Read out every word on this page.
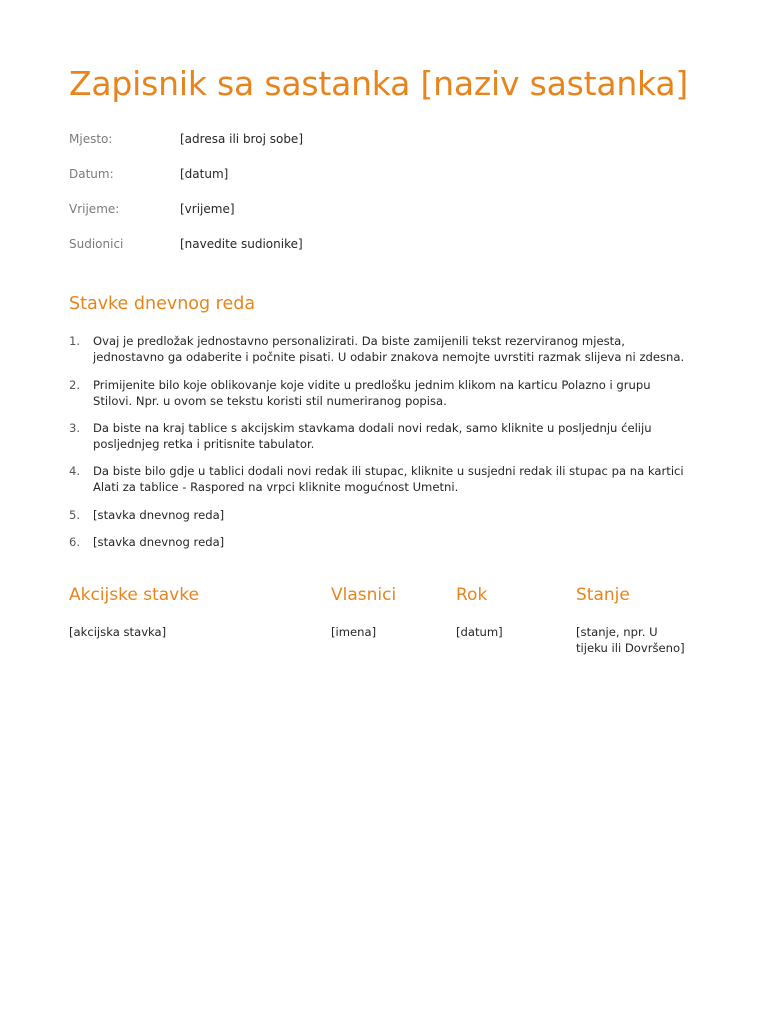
Zapisnik sa sastanka [naziv sastanka]
Mjesto:	[adresa ili broj sobe]
Datum:	[datum]
Vrijeme:	[vrijeme]
Sudionici	[navedite sudionike]
Stavke dnevnog reda
1. Ovaj je predložak jednostavno personalizirati. Da biste zamijenili tekst rezerviranog mjesta,
jednostavno ga odaberite i počnite pisati. U odabir znakova nemojte uvrstiti razmak slijeva ni zdesna.
2. Primijenite bilo koje oblikovanje koje vidite u predlošku jednim klikom na karticu Polazno i grupu
Stilovi. Npr. u ovom se tekstu koristi stil numeriranog popisa.
3. Da biste na kraj tablice s akcijskim stavkama dodali novi redak, samo kliknite u posljednju ćeliju
posljednjeg retka i pritisnite tabulator.
4. Da biste bilo gdje u tablici dodali novi redak ili stupac, kliknite u susjedni redak ili stupac pa na kartici
Alati za tablice - Raspored na vrpci kliknite mogućnost Umetni.
5. [stavka dnevnog reda]
6. [stavka dnevnog reda]
Akcijske stavke	Vlasnici	Rok	Stanje
[akcijska stavka]	[imena]	[datum]	[stanje, npr. U
tijeku ili Dovršeno]
